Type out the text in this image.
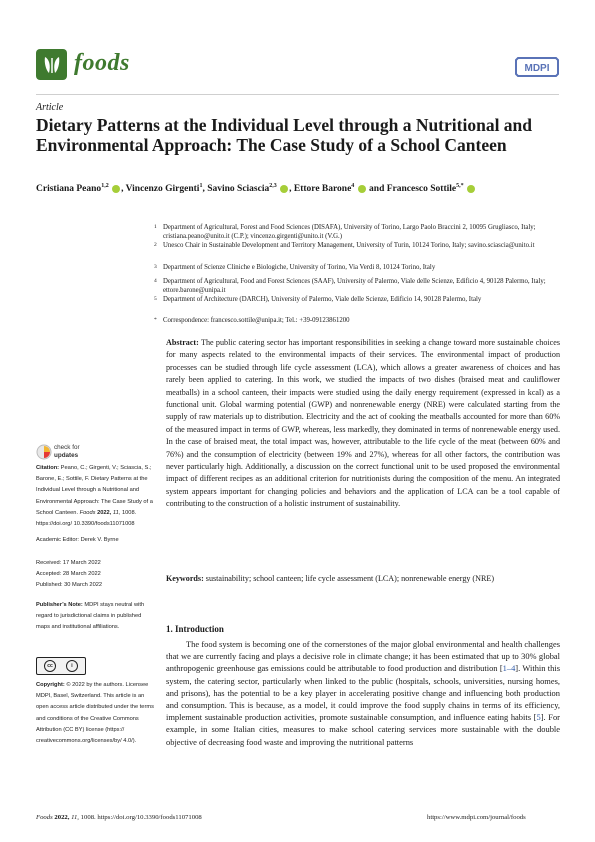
foods	MDPI
Article
Dietary Patterns at the Individual Level through a Nutritional and Environmental Approach: The Case Study of a School Canteen
Cristiana Peano$^{1,2}$ , Vincenzo Girgenti$^1$, Savino Sciascia$^{2,3}$ , Ettore Barone$^4$  and Francesco Sottile$^{5,*}$
1 Department of Agricultural, Forest and Food Sciences (DISAFA), University of Torino, Largo Paolo Braccini 2, 10095 Grugliasco, Italy; cristiana.peano@unito.it (C.P.); vincenzo.girgenti@unito.it (V.G.)
2 Unesco Chair in Sustainable Development and Territory Management, University of Turin, 10124 Torino, Italy; savino.sciascia@unito.it
3 Department of Scienze Cliniche e Biologiche, University of Torino, Via Verdi 8, 10124 Torino, Italy
4 Department of Agricultural, Food and Forest Sciences (SAAF), University of Palermo, Viale delle Scienze, Edificio 4, 90128 Palermo, Italy; ettore.barone@unipa.it
5 Department of Architecture (DARCH), University of Palermo, Viale delle Scienze, Edificio 14, 90128 Palermo, Italy
* Correspondence: francesco.sottile@unipa.it; Tel.: +39-09123861200
Abstract: The public catering sector has important responsibilities in seeking a change toward more sustainable choices for many aspects related to the environmental impacts of their services. The environmental impact of production processes can be studied through life cycle assessment (LCA), which allows a greater awareness of choices and has rarely been applied to catering. In this work, we studied the impacts of two dishes (braised meat and cauliflower meatballs) in a school canteen, their impacts were studied using the daily energy requirement (expressed in kcal) as a functional unit. Global warming potential (GWP) and nonrenewable energy (NRE) were calculated starting from the supply of raw materials up to distribution. Electricity and the act of cooking the meatballs accounted for more than 60% of the measured impact in terms of GWP, whereas, less markedly, they dominated in terms of nonrenewable energy used. In the case of braised meat, the total impact was, however, attributable to the life cycle of the meat (between 60% and 76%) and the consumption of electricity (between 19% and 27%), whereas for all other factors, the contribution was never particularly high. Additionally, a discussion on the correct functional unit to be used proposed the environmental impact of different recipes as an additional criterion for nutritionists during the composition of the menu. An integrated system appears important for changing policies and behaviors and the application of LCA can be a tool capable of contributing to the construction of a holistic instrument of sustainability.
Keywords: sustainability; school canteen; life cycle assessment (LCA); nonrenewable energy (NRE)
1. Introduction
The food system is becoming one of the cornerstones of the major global environmental and health challenges that we are currently facing and plays a decisive role in climate change; it has been estimated that up to 30% global anthropogenic greenhouse gas emissions could be attributable to food production and distribution [1–4]. Within this system, the catering sector, particularly when linked to the public (hospitals, schools, universities, nursing homes, and prisons), has the potential to be a key player in accelerating positive change and influencing both production and consumption. This is because, as a model, it could improve the food supply chains in terms of its efficiency, implement sustainable production activities, promote sustainable consumption, and influence eating habits [5]. For example, in some Italian cities, measures to make school catering services more sustainable with the double objective of decreasing food waste and improving the nutritional patterns
check for
updates
Citation: Peano, C.; Girgenti, V.; Sciascia, S.; Barone, E.; Sottile, F. Dietary Patterns at the Individual Level through a Nutritional and Environmental Approach: The Case Study of a School Canteen. Foods 2022, 11, 1008. https://doi.org/ 10.3390/foods11071008
Academic Editor: Derek V. Byrne
Received: 17 March 2022
Accepted: 28 March 2022
Published: 30 March 2022
Publisher’s Note: MDPI stays neutral with regard to jurisdictional claims in published maps and institutional affiliations.
cc	i
Copyright: © 2022 by the authors. Licensee MDPI, Basel, Switzerland. This article is an open access article distributed under the terms and conditions of the Creative Commons Attribution (CC BY) license (https:// creativecommons.org/licenses/by/ 4.0/).
Foods 2022, 11, 1008. https://doi.org/10.3390/foods11071008	https://www.mdpi.com/journal/foods
